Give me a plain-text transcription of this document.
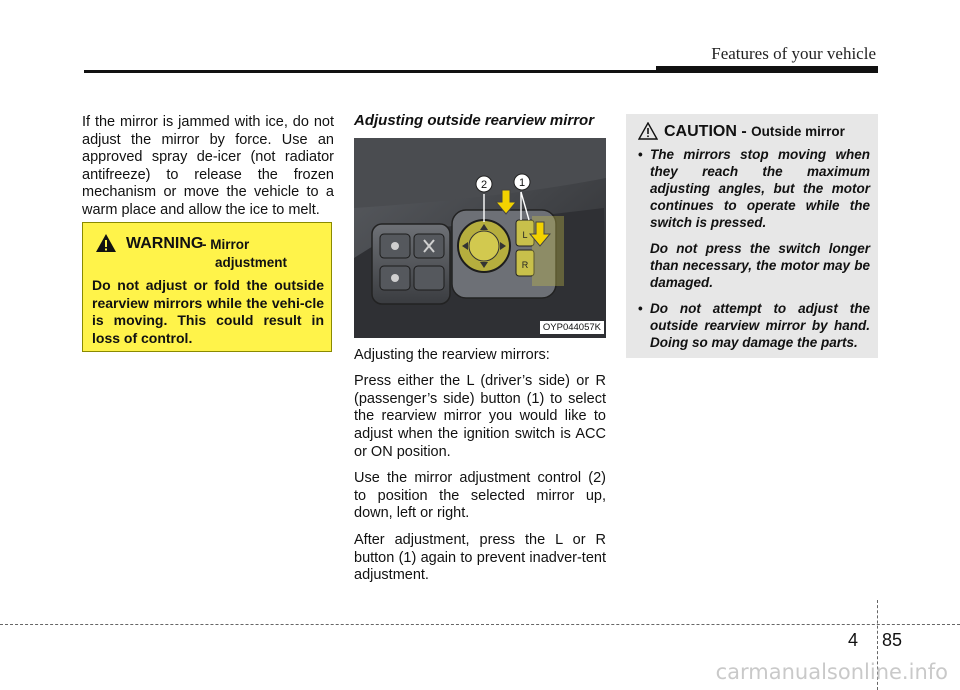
Features of your vehicle

If the mirror is jammed with ice, do not adjust the mirror by force. Use an approved spray de-icer (not radiator antifreeze) to release the frozen mechanism or move the vehicle to a warm place and allow the ice to melt.

WARNING
- Mirror
adjustment
Do not adjust or fold the outside rearview mirrors while the vehi-cle is moving. This could result in loss of control.
Adjusting outside rearview mirror
L
R
2	1
OYP044057K

Adjusting the rearview mirrors:

Press either the L (driver’s side) or R (passenger’s side) button (1) to select the rearview mirror you would like to adjust when the ignition switch is ACC or ON position.

Use the mirror adjustment control (2) to position the selected mirror up, down, left or right.

After adjustment, press the L or R button (1) again to prevent inadver-tent adjustment.

CAUTION - Outside mirror
• The mirrors stop moving when they reach the maximum adjusting angles, but the motor continues to operate while the switch is pressed.
Do not press the switch longer than necessary, the motor may be damaged.
• Do not attempt to adjust the outside rearview mirror by hand. Doing so may damage the parts.
4 85
carmanualsonline.info
